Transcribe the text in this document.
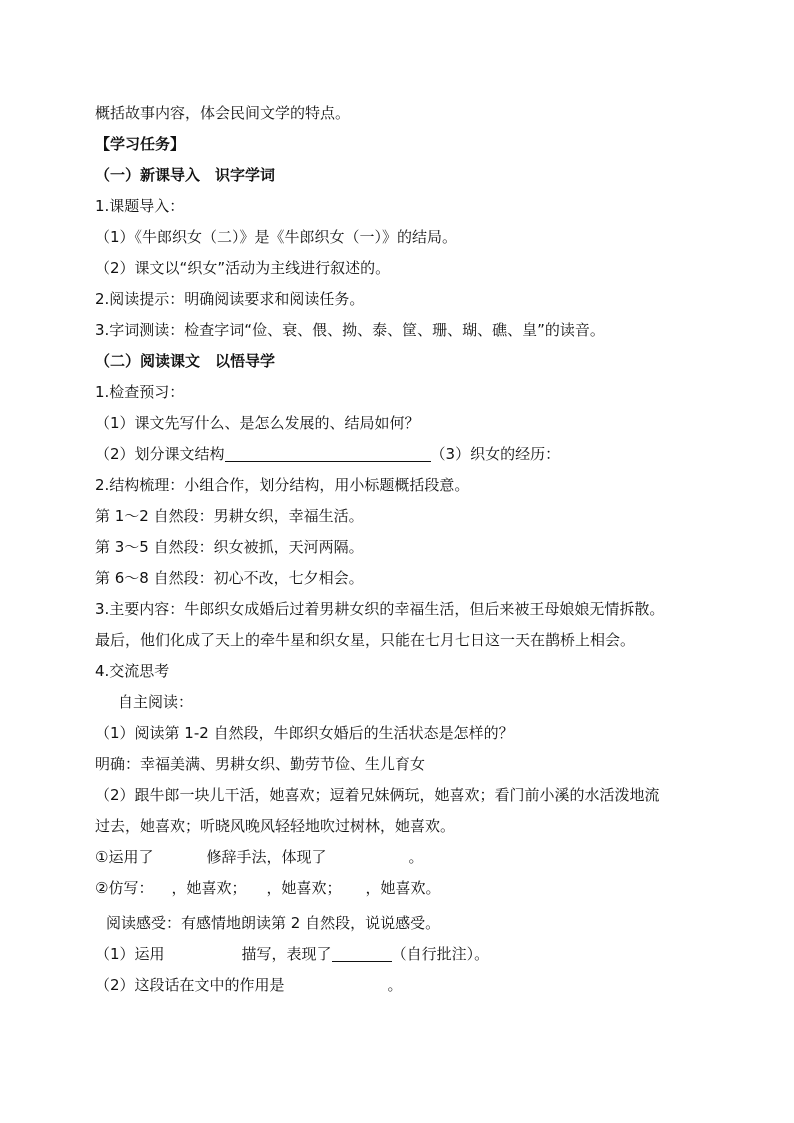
概括故事内容，体会民间文学的特点。
【学习任务】
（一）新课导入　识字学词
1.课题导入：
（1）《牛郎织女（二）》是《牛郎织女（一）》的结局。
（2）课文以“织女”活动为主线进行叙述的。
2.阅读提示：明确阅读要求和阅读任务。
3.字词测读：检查字词“俭、衰、偎、拗、泰、筐、珊、瑚、礁、皇”的读音。
（二）阅读课文　以悟导学
1.检查预习：
（1）课文先写什么、是怎么发展的、结局如何？
（2）划分课文结构	（3）织女的经历：
2.结构梳理：小组合作，划分结构，用小标题概括段意。
第 1～2 自然段：男耕女织，幸福生活。
第 3～5 自然段：织女被抓，天河两隔。
第 6～8 自然段：初心不改，七夕相会。
3.主要内容：牛郎织女成婚后过着男耕女织的幸福生活，但后来被王母娘娘无情拆散。
最后，他们化成了天上的牵牛星和织女星，只能在七月七日这一天在鹊桥上相会。
4.交流思考
自主阅读：
（1）阅读第 1-2 自然段，牛郎织女婚后的生活状态是怎样的？
明确：幸福美满、男耕女织、勤劳节俭、生儿育女
（2）跟牛郎一块儿干活，她喜欢；逗着兄妹俩玩，她喜欢；看门前小溪的水活泼地流
过去，她喜欢；听晓风晚风轻轻地吹过树林，她喜欢。
①运用了	修辞手法，体现了	。
②仿写： ，她喜欢； ，她喜欢； ，她喜欢。
阅读感受：有感情地朗读第 2 自然段，说说感受。
（1）运用	描写，表现了	（自行批注）。
（2）这段话在文中的作用是	。
